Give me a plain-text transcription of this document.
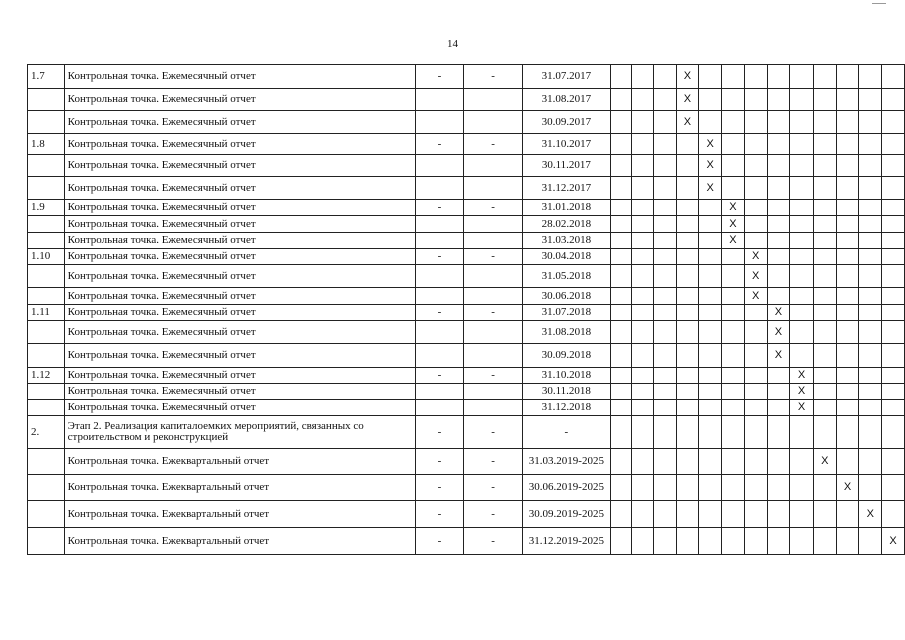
14
1.7	Контрольная точка. Ежемесячный отчет	-	-	31.07.2017				X									
	Контрольная точка. Ежемесячный отчет			31.08.2017				X									
	Контрольная точка. Ежемесячный отчет			30.09.2017				X									
1.8	Контрольная точка. Ежемесячный отчет	-	-	31.10.2017					X								
	Контрольная точка. Ежемесячный отчет			30.11.2017					X								
	Контрольная точка. Ежемесячный отчет			31.12.2017					X								
1.9	Контрольная точка. Ежемесячный отчет	-	-	31.01.2018						X							
	Контрольная точка. Ежемесячный отчет			28.02.2018						X							
	Контрольная точка. Ежемесячный отчет			31.03.2018						X							
1.10	Контрольная точка. Ежемесячный отчет	-	-	30.04.2018							X						
	Контрольная точка. Ежемесячный отчет			31.05.2018							X						
	Контрольная точка. Ежемесячный отчет			30.06.2018							X						
1.11	Контрольная точка. Ежемесячный отчет	-	-	31.07.2018								X					
	Контрольная точка. Ежемесячный отчет			31.08.2018								X					
	Контрольная точка. Ежемесячный отчет			30.09.2018								X					
1.12	Контрольная точка. Ежемесячный отчет	-	-	31.10.2018									X				
	Контрольная точка. Ежемесячный отчет			30.11.2018									X				
	Контрольная точка. Ежемесячный отчет			31.12.2018									X				
2.	Этап 2. Реализация капиталоемких мероприятий, связанных со строительством и реконструкцией	-	-	-													
	Контрольная точка. Ежеквартальный отчет	-	-	31.03.2019-2025										X			
	Контрольная точка. Ежеквартальный отчет	-	-	30.06.2019-2025											X		
	Контрольная точка. Ежеквартальный отчет	-	-	30.09.2019-2025												X	
	Контрольная точка. Ежеквартальный отчет	-	-	31.12.2019-2025													X
